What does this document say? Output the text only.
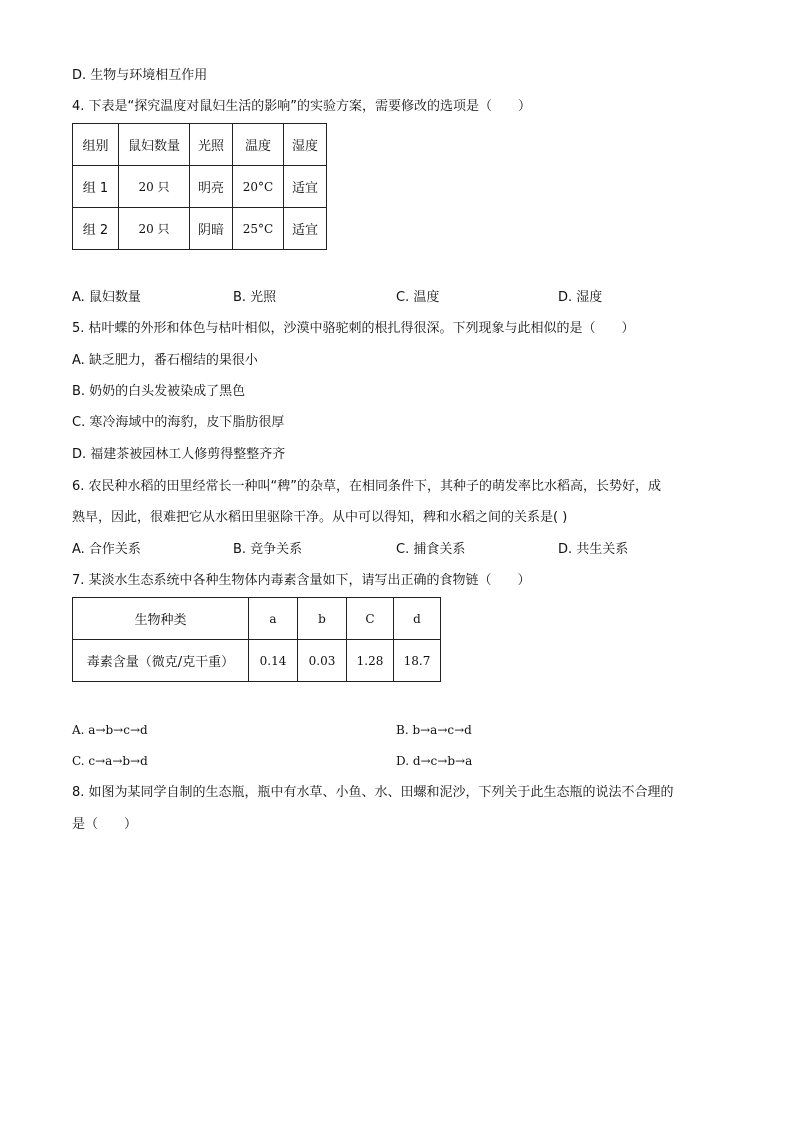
D. 生物与环境相互作用
4. 下表是“探究温度对鼠妇生活的影响”的实验方案，需要修改的选项是（　　）
组别	鼠妇数量	光照	温度	湿度
组 1	20 只	明亮	20°C	适宜
组 2	20 只	阴暗	25°C	适宜
A. 鼠妇数量	B. 光照	C. 温度	D. 湿度
5. 枯叶蝶的外形和体色与枯叶相似，沙漠中骆驼刺的根扎得很深。下列现象与此相似的是（　　）
A. 缺乏肥力，番石榴结的果很小
B. 奶奶的白头发被染成了黑色
C. 寒冷海域中的海豹，皮下脂肪很厚
D. 福建茶被园林工人修剪得整整齐齐
6. 农民种水稻的田里经常长一种叫“稗”的杂草，在相同条件下，其种子的萌发率比水稻高，长势好，成
熟早，因此，很难把它从水稻田里驱除干净。从中可以得知，稗和水稻之间的关系是( )
A. 合作关系	B. 竞争关系	C. 捕食关系	D. 共生关系
7. 某淡水生态系统中各种生物体内毒素含量如下，请写出正确的食物链（　　）
生物种类	a	b	C	d
毒素含量（微克/克干重）	0.14	0.03	1.28	18.7
A. a→b→c→d	B. b→a→c→d
C. c→a→b→d	D. d→c→b→a
8. 如图为某同学自制的生态瓶，瓶中有水草、小鱼、水、田螺和泥沙，下列关于此生态瓶的说法不合理的
是（　　）
